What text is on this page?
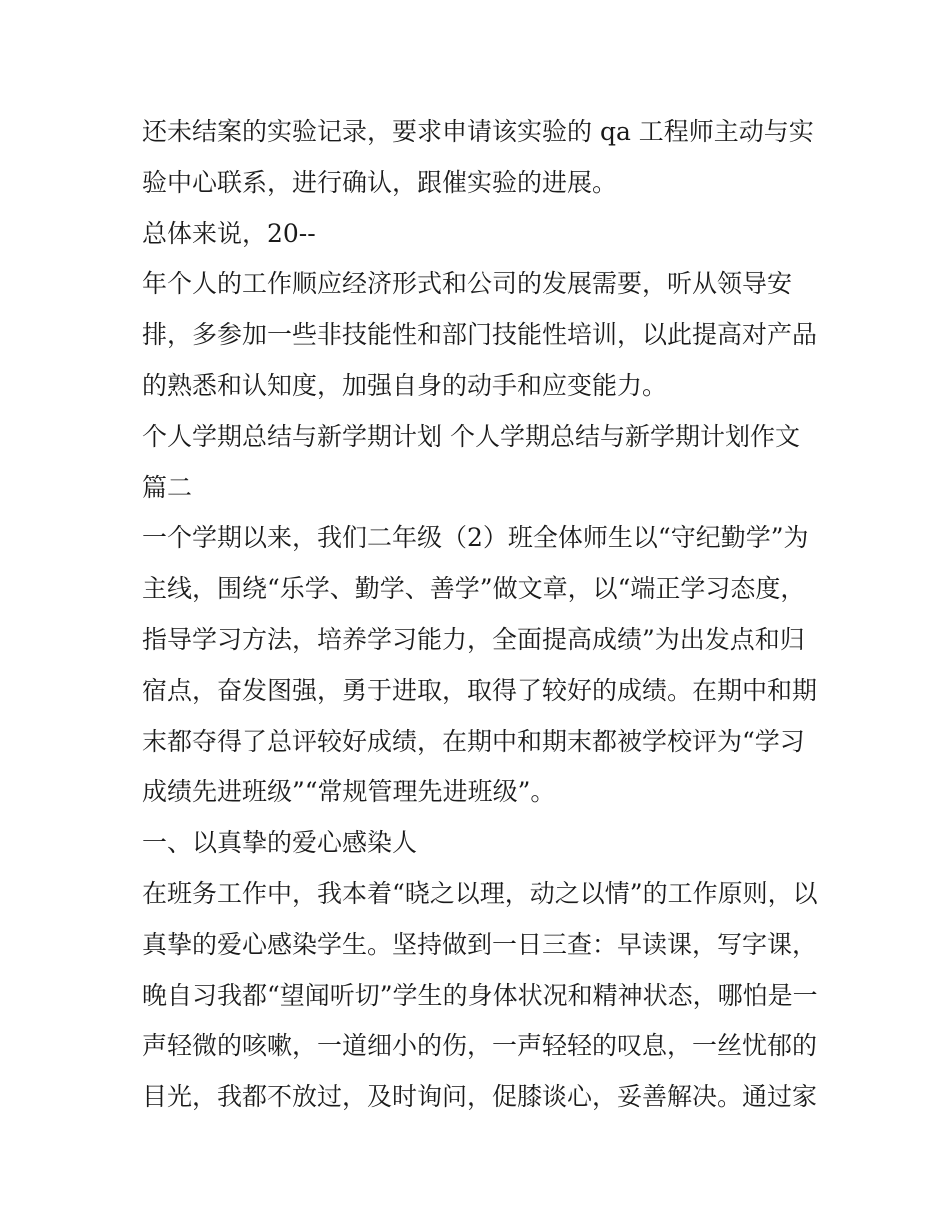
还未结案的实验记录，要求申请该实验的 qa 工程师主动与实
验中心联系，进行确认，跟催实验的进展。
总体来说，20--
年个人的工作顺应经济形式和公司的发展需要，听从领导安
排，多参加一些非技能性和部门技能性培训，以此提高对产品
的熟悉和认知度，加强自身的动手和应变能力。
个人学期总结与新学期计划 个人学期总结与新学期计划作文
篇二
一个学期以来，我们二年级（2）班全体师生以“守纪勤学”为
主线，围绕“乐学、勤学、善学”做文章，以“端正学习态度，
指导学习方法，培养学习能力，全面提高成绩”为出发点和归
宿点，奋发图强，勇于进取，取得了较好的成绩。在期中和期
末都夺得了总评较好成绩，在期中和期末都被学校评为“学习
成绩先进班级”“常规管理先进班级”。
一、以真挚的爱心感染人
在班务工作中，我本着“晓之以理，动之以情”的工作原则，以
真挚的爱心感染学生。坚持做到一日三查：早读课，写字课，
晚自习我都“望闻听切”学生的身体状况和精神状态，哪怕是一
声轻微的咳嗽，一道细小的伤，一声轻轻的叹息，一丝忧郁的
目光，我都不放过，及时询问，促膝谈心，妥善解决。通过家
